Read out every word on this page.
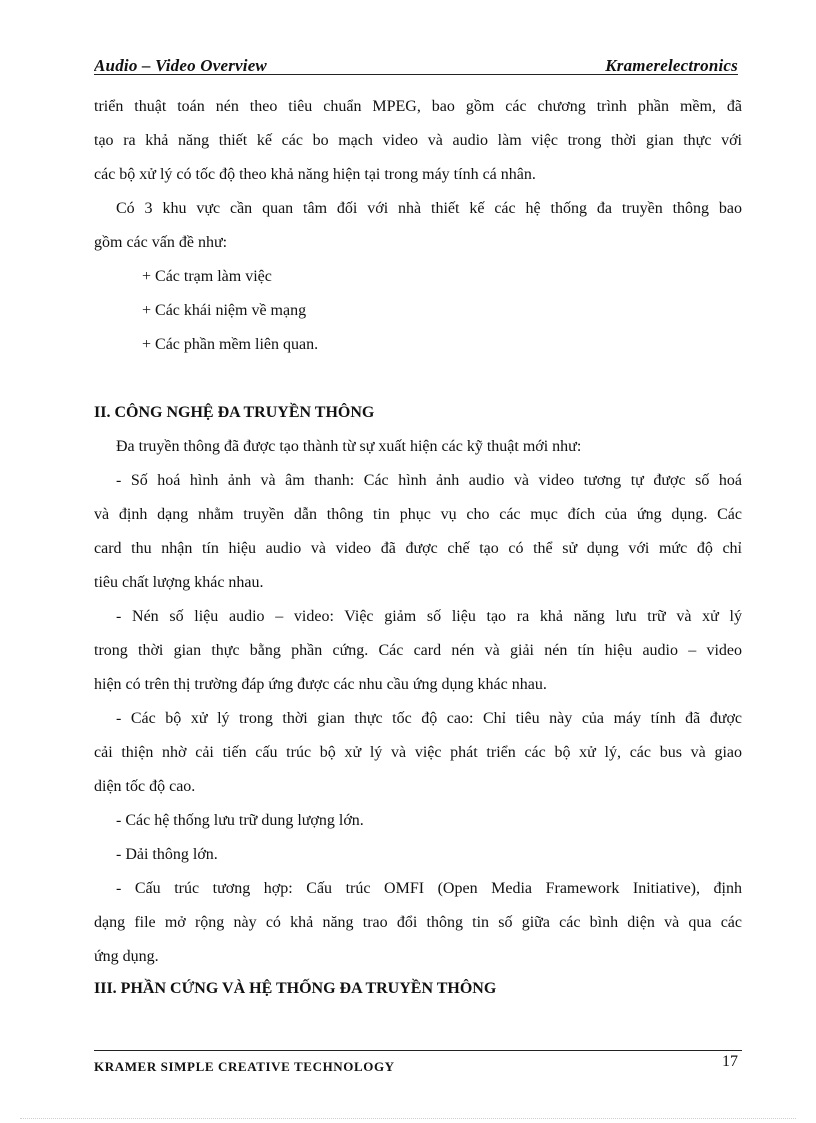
Audio – Video Overview	Kramerelectronics
triển thuật toán nén theo tiêu chuẩn MPEG, bao gồm các chương trình phần mềm, đã
tạo ra khả năng thiết kế các bo mạch video và audio làm việc trong thời gian thực với
các bộ xử lý có tốc độ theo khả năng hiện tại trong máy tính cá nhân.
Có 3 khu vực cần quan tâm đối với nhà thiết kế các hệ thống đa truyền thông bao
gồm các vấn đề như:
+ Các trạm làm việc
+ Các khái niệm về mạng
+ Các phần mềm liên quan.
II. CÔNG NGHỆ ĐA TRUYỀN THÔNG
Đa truyền thông đã được tạo thành từ sự xuất hiện các kỹ thuật mới như:
- Số hoá hình ảnh và âm thanh: Các hình ảnh audio và video tương tự được số hoá
và định dạng nhằm truyền dẫn thông tin phục vụ cho các mục đích của ứng dụng. Các
card thu nhận tín hiệu audio và video đã được chế tạo có thể sử dụng với mức độ chỉ
tiêu chất lượng khác nhau.
- Nén số liệu audio – video: Việc giảm số liệu tạo ra khả năng lưu trữ và xử lý
trong thời gian thực bằng phần cứng. Các card nén và giải nén tín hiệu audio – video
hiện có trên thị trường đáp ứng được các nhu cầu ứng dụng khác nhau.
- Các bộ xử lý trong thời gian thực tốc độ cao: Chỉ tiêu này của máy tính đã được
cải thiện nhờ cải tiến cấu trúc bộ xử lý và việc phát triển các bộ xử lý, các bus và giao
diện tốc độ cao.
- Các hệ thống lưu trữ dung lượng lớn.
- Dải thông lớn.
- Cấu trúc tương hợp: Cấu trúc OMFI (Open Media Framework Initiative), định
dạng file mở rộng này có khả năng trao đổi thông tin số giữa các bình diện và qua các
ứng dụng.
III. PHẦN CỨNG VÀ HỆ THỐNG ĐA TRUYỀN THÔNG
KRAMER SIMPLE CREATIVE TECHNOLOGY	17
